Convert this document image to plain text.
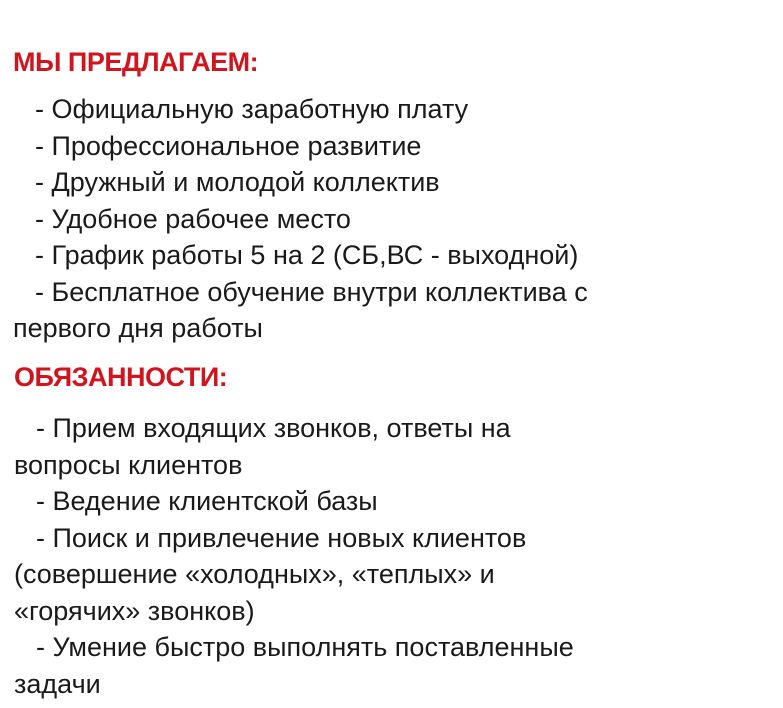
МЫ ПРЕДЛАГАЕМ:
- Официальную заработную плату
- Профессиональное развитие
- Дружный и молодой коллектив
- Удобное рабочее место
- График работы 5 на 2 (СБ,ВС - выходной)
- Бесплатное обучение внутри коллектива с
первого дня работы
ОБЯЗАННОСТИ:
- Прием входящих звонков, ответы на
вопросы клиентов
- Ведение клиентской базы
- Поиск и привлечение новых клиентов
(совершение «холодных», «теплых» и
«горячих» звонков)
- Умение быстро выполнять поставленные
задачи
